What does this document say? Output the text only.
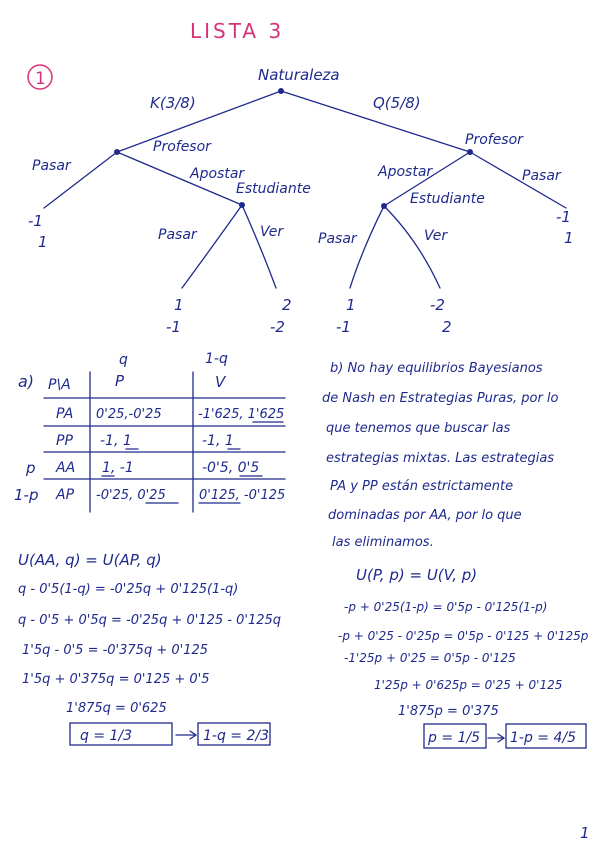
LISTA 3
1	Naturaleza
K(3/8)	Q(5/8)
Profesor	Profesor
Pasar	Apostar	Pasar
Apostar
-1
1
-1
1
Estudiante
Estudiante
Pasar	Ver Pasar	Ver
1
-1
2
-2
1
-1
-2
2
a) P\A
q	1-q
P	V
PA 0'25,-0'25	-1'625, 1'625
PP -1, 1	-1, 1
p AA 1, -1	-0'5, 0'5
1-p AP -0'25, 0'25	0'125, -0'125
U(AA, q) = U(AP, q)
q - 0'5(1-q) = -0'25q + 0'125(1-q)
q - 0'5 + 0'5q = -0'25q + 0'125 - 0'125q
1'5q - 0'5 = -0'375q + 0'125
1'5q + 0'375q = 0'125 + 0'5
1'875q = 0'625
q = 1/3	1-q = 2/3
b) No hay equilibrios Bayesianos
de Nash en Estrategias Puras, por lo
que tenemos que buscar las
estrategias mixtas. Las estrategias
PA y PP están estrictamente
dominadas por AA, por lo que
las eliminamos.
U(P, p) = U(V, p)
-p + 0'25(1-p) = 0'5p - 0'125(1-p)
-p + 0'25 - 0'25p = 0'5p - 0'125 + 0'125p
-1'25p + 0'25 = 0'5p - 0'125
1'25p + 0'625p = 0'25 + 0'125
1'875p = 0'375
p = 1/5 1-p = 4/5
1
